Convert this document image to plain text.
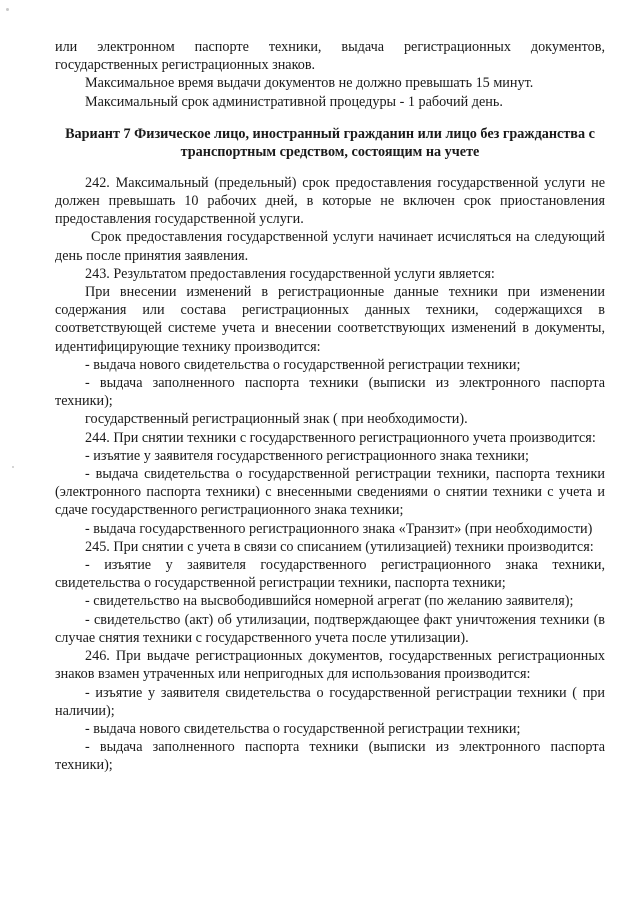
или электронном паспорте техники, выдача регистрационных документов, государственных регистрационных знаков.

Максимальное время выдачи документов не должно превышать 15 минут.

Максимальный срок административной процедуры - 1 рабочий день.

Вариант 7 Физическое лицо, иностранный гражданин или лицо без гражданства с транспортным средством, состоящим на учете

242. Максимальный (предельный) срок предоставления государственной услуги не должен превышать 10 рабочих дней, в которые не включен срок приостановления предоставления государственной услуги.

Срок предоставления государственной услуги начинает исчисляться на следующий день после принятия заявления.

243. Результатом предоставления государственной услуги является:

При внесении изменений в регистрационные данные техники при изменении содержания или состава регистрационных данных техники, содержащихся в соответствующей системе учета и внесении соответствующих изменений в документы, идентифицирующие технику производится:

- выдача нового свидетельства о государственной регистрации техники;

- выдача заполненного паспорта техники (выписки из электронного паспорта техники);

государственный регистрационный знак ( при необходимости).

244. При снятии техники с государственного регистрационного учета производится:

- изъятие у заявителя государственного регистрационного знака техники;

- выдача свидетельства о государственной регистрации техники, паспорта техники (электронного паспорта техники) с внесенными сведениями о снятии техники с учета и сдаче государственного регистрационного знака техники;

- выдача государственного регистрационного знака «Транзит» (при необходимости)

245. При снятии с учета в связи со списанием (утилизацией) техники производится:

- изъятие у заявителя государственного регистрационного знака техники, свидетельства о государственной регистрации техники, паспорта техники;

- свидетельство на высвободившийся номерной агрегат (по желанию заявителя);

- свидетельство (акт) об утилизации, подтверждающее факт уничтожения техники (в случае снятия техники с государственного учета после утилизации).

246. При выдаче регистрационных документов, государственных регистрационных знаков взамен утраченных или непригодных для использования производится:

- изъятие у заявителя свидетельства о государственной регистрации техники ( при наличии);

- выдача нового свидетельства о государственной регистрации техники;

- выдача заполненного паспорта техники (выписки из электронного паспорта техники);
